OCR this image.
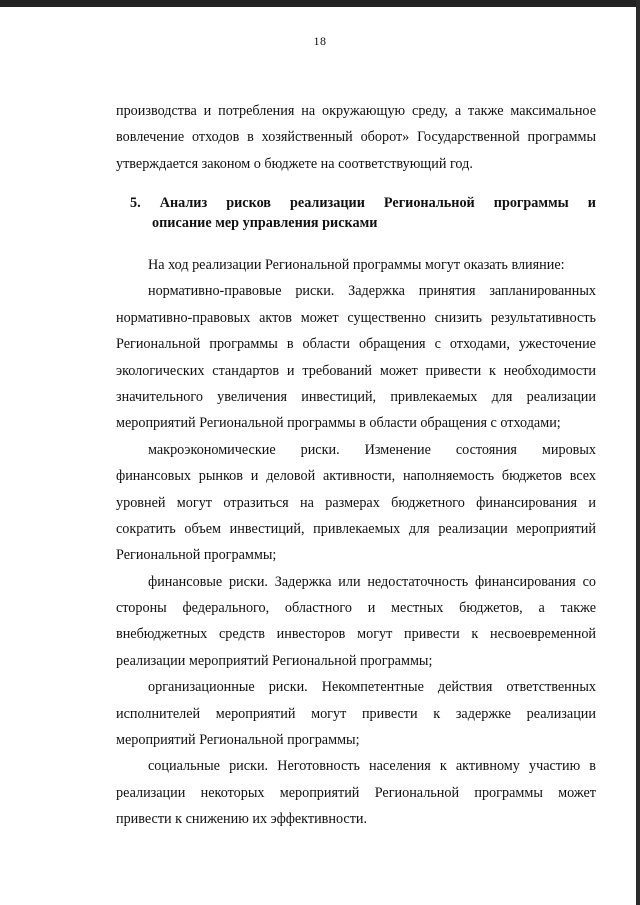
18
производства и потребления на окружающую среду, а также максимальное
вовлечение отходов в хозяйственный оборот» Государственной программы
утверждается законом о бюджете на соответствующий год.
5. Анализ рисков реализации Региональной программы и
описание мер управления рисками
На ход реализации Региональной программы могут оказать влияние:
нормативно-правовые риски. Задержка принятия запланированных
нормативно-правовых актов может существенно снизить результативность
Региональной программы в области обращения с отходами, ужесточение
экологических стандартов и требований может привести к необходимости
значительного увеличения инвестиций, привлекаемых для реализации
мероприятий Региональной программы в области обращения с отходами;
макроэкономические риски. Изменение состояния мировых
финансовых рынков и деловой активности, наполняемость бюджетов всех
уровней могут отразиться на размерах бюджетного финансирования и
сократить объем инвестиций, привлекаемых для реализации мероприятий
Региональной программы;
финансовые риски. Задержка или недостаточность финансирования со
стороны федерального, областного и местных бюджетов, а также
внебюджетных средств инвесторов могут привести к несвоевременной
реализации мероприятий Региональной программы;
организационные риски. Некомпетентные действия ответственных
исполнителей мероприятий могут привести к задержке реализации
мероприятий Региональной программы;
социальные риски. Неготовность населения к активному участию в
реализации некоторых мероприятий Региональной программы может
привести к снижению их эффективности.
